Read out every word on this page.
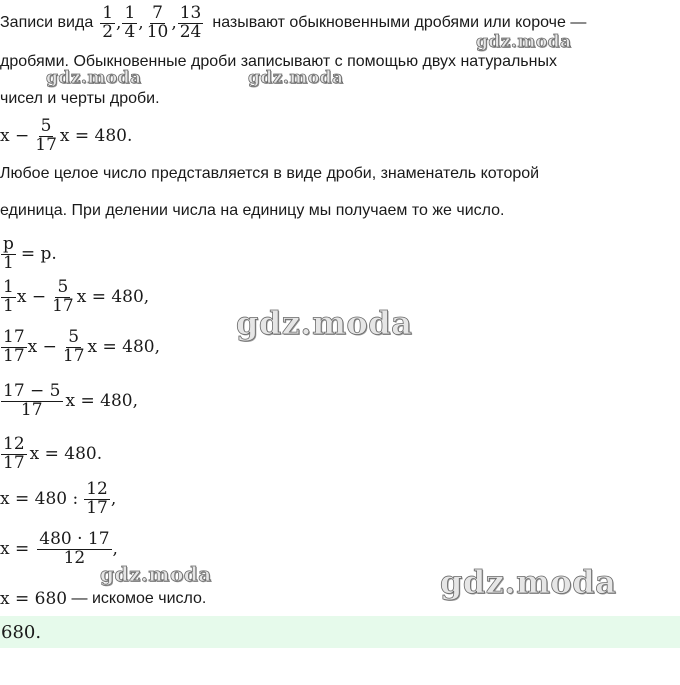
Записи вида $\frac{1}{2}$ , $\frac{1}{4}$ , $\frac{7}{10}$ , $\frac{13}{24}$ называют обыкновенными дробями или короче —
дробями. Обыкновенные дроби записывают с помощью двух натуральных
чисел и черты дроби.
$x - \frac{5}{17}$ x = 480.
Любое целое число представляется в виде дроби, знаменатель которой
единица. При делении числа на единицу мы получаем то же число.
$\frac{p}{1} = p$.
$\frac{1}{1}$ $x - \frac{5}{17}$ x = 480,
$\frac{17}{17}$ $x - \frac{5}{17}$ x = 480,
$\frac{17 - 5}{17}$ x = 480,
$\frac{12}{17}$ x = 480.
x = 480 : $\frac{12}{17}$ ,
$x = \frac{480 \cdot 17}{12}$ ,
x = 680 — искомое число.
680.
gdz.moda
gdz.moda	gdz.moda
gdz.moda
gdz.moda	gdz.moda
